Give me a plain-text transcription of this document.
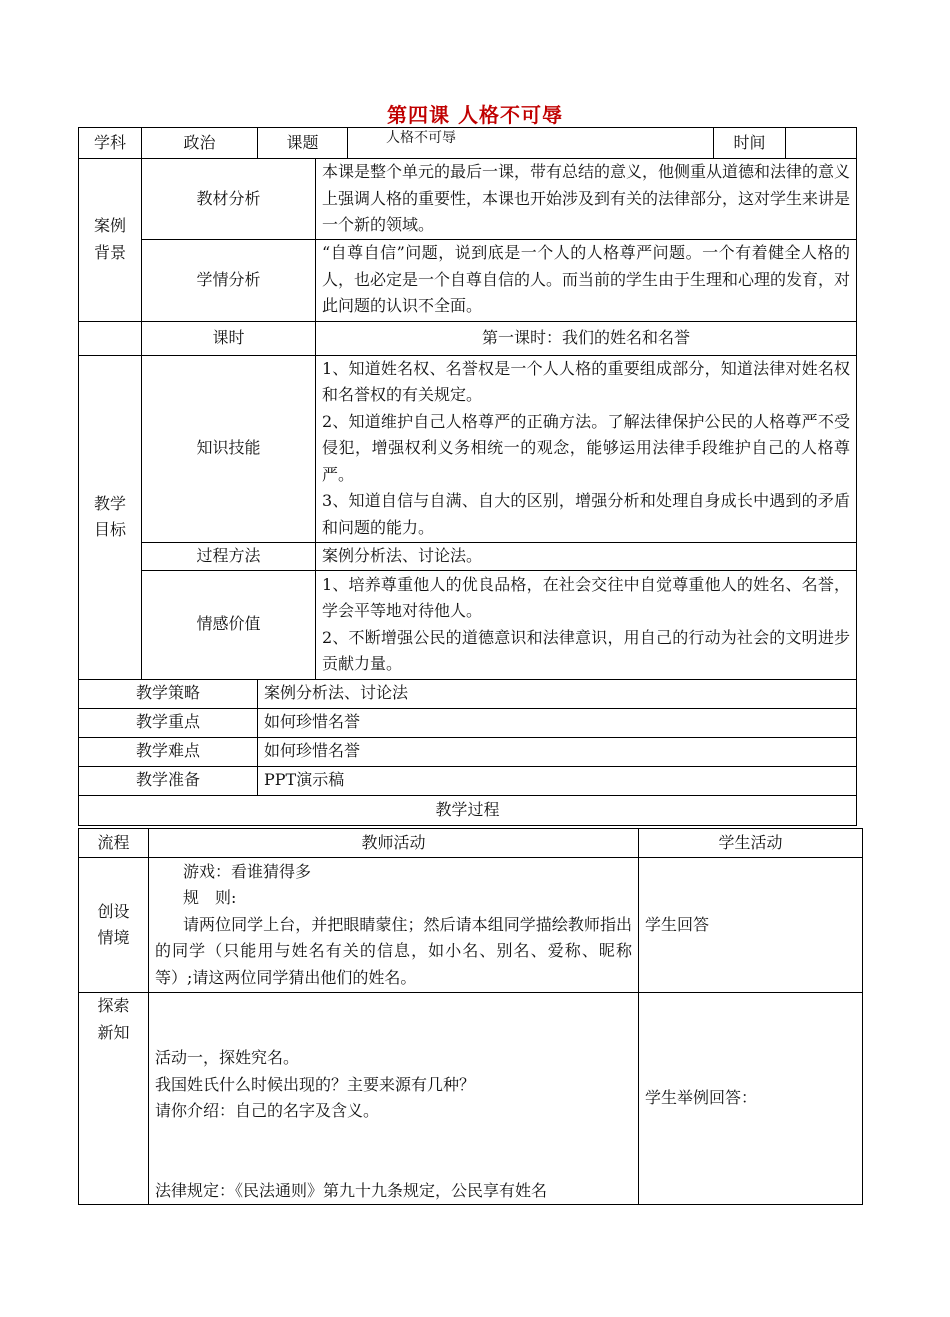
第四课 人格不可辱
学科	政治	课题		人格不可辱	时间	
案例背景	教材分析		本课是整个单元的最后一课，带有总结的意义，他侧重从道德和法律的意义上强调人格的重要性，本课也开始涉及到有关的法律部分，这对学生来讲是一个新的领域。			
	学情分析		“自尊自信”问题，说到底是一个人的人格尊严问题。一个有着健全人格的人，也必定是一个自尊自信的人。而当前的学生由于生理和心理的发育，对此问题的认识不全面。			
	课时		第一课时：我们的姓名和名誉			
教学目标	知识技能		1、知道姓名权、名誉权是一个人人格的重要组成部分，知道法律对姓名权和名誉权的有关规定。

2、知道维护自己人格尊严的正确方法。了解法律保护公民的人格尊严不受侵犯，增强权利义务相统一的观念，能够运用法律手段维护自己的人格尊严。

3、知道自信与自满、自大的区别，增强分析和处理自身成长中遇到的矛盾和问题的能力。			

	过程方法		案例分析法、讨论法。			
	情感价值		1、培养尊重他人的优良品格，在社会交往中自觉尊重他人的姓名、名誉，学会平等地对待他人。

2、不断增强公民的道德意识和法律意识，用自己的行动为社会的文明进步贡献力量。			

教学策略		案例分析法、讨论法				
教学重点		如何珍惜名誉				
教学难点		如何珍惜名誉				
教学准备		PPT演示稿				
教学过程						
流程	教师活动	学生活动
创设情境	游戏：看谁猜得多

规　则:

请两位同学上台，并把眼睛蒙住；然后请本组同学描绘教师指出的同学（只能用与姓名有关的信息，如小名、别名、爱称、昵称等）;请这两位同学猜出他们的姓名。	学生回答
探索新知	活动一，探姓究名。

我国姓氏什么时候出现的？主要来源有几种？

请你介绍：自己的名字及含义。

法律规定：《民法通则》第九十九条规定，公民享有姓名	学生举例回答：
